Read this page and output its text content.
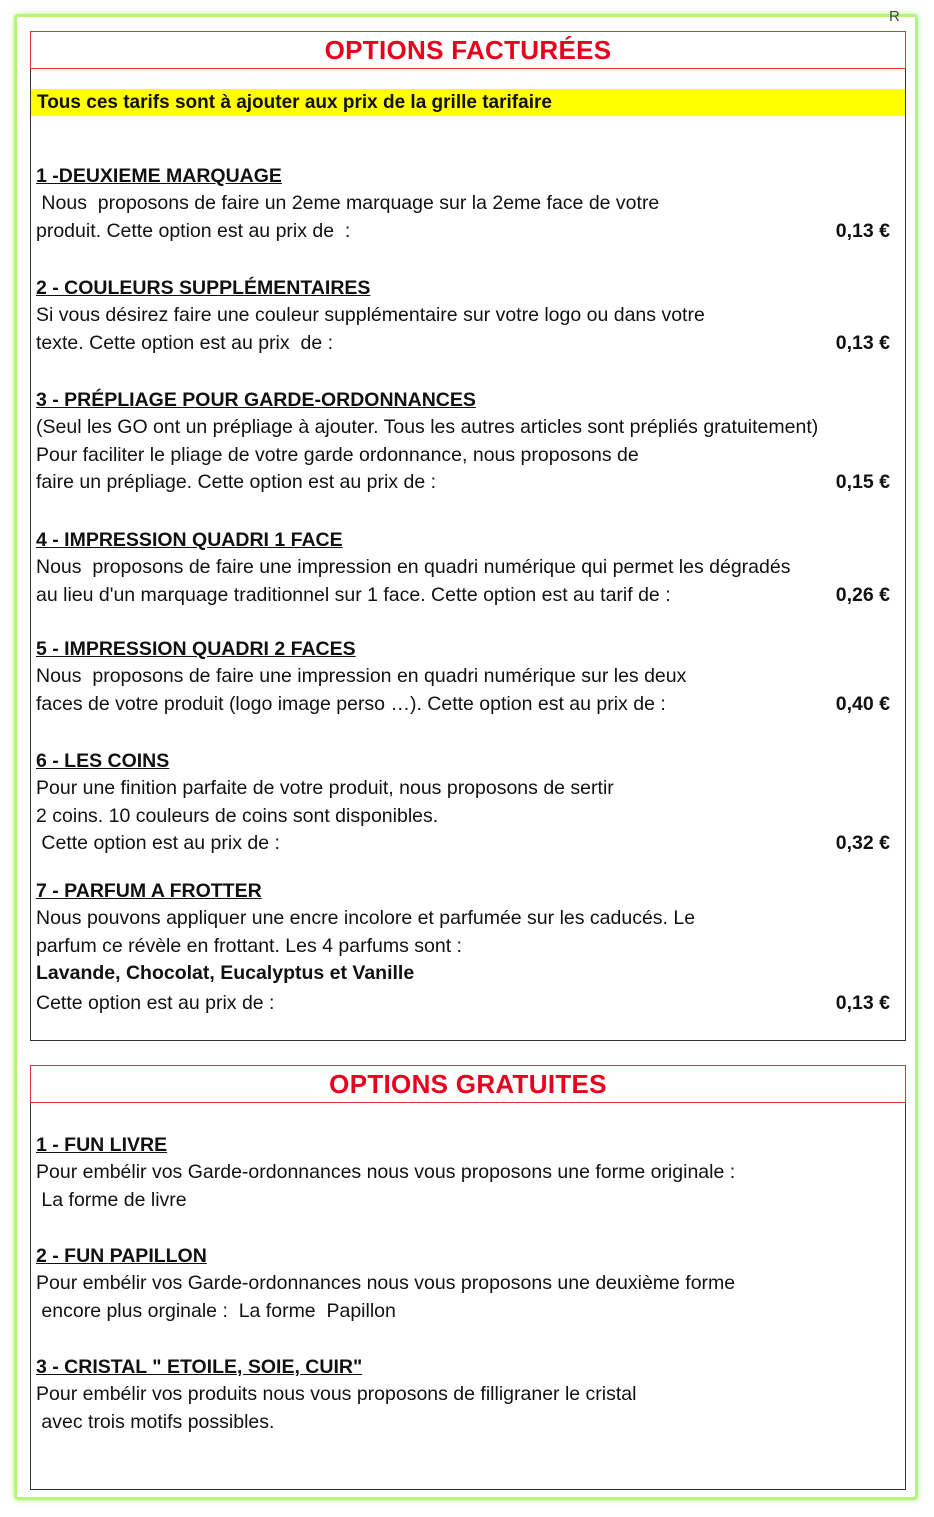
R
OPTIONS FACTURÉES
Tous ces tarifs sont à ajouter aux prix de la grille tarifaire
1 -DEUXIEME MARQUAGE
Nous  proposons de faire un 2eme marquage sur la 2eme face de votre
produit. Cette option est au prix de  :	0,13 €
2 - COULEURS SUPPLÉMENTAIRES
Si vous désirez faire une couleur supplémentaire sur votre logo ou dans votre
texte. Cette option est au prix  de :	0,13 €
3 - PRÉPLIAGE POUR GARDE-ORDONNANCES
(Seul les GO ont un prépliage à ajouter. Tous les autres articles sont prépliés gratuitement)
Pour faciliter le pliage de votre garde ordonnance, nous proposons de
faire un prépliage. Cette option est au prix de :	0,15 €
4 - IMPRESSION QUADRI 1 FACE
Nous  proposons de faire une impression en quadri numérique qui permet les dégradés
au lieu d'un marquage traditionnel sur 1 face. Cette option est au tarif de :	0,26 €
5 - IMPRESSION QUADRI 2 FACES
Nous  proposons de faire une impression en quadri numérique sur les deux
faces de votre produit (logo image perso …). Cette option est au prix de :	0,40 €
6 - LES COINS
Pour une finition parfaite de votre produit, nous proposons de sertir
2 coins. 10 couleurs de coins sont disponibles.
Cette option est au prix de :	0,32 €
7 - PARFUM A FROTTER
Nous pouvons appliquer une encre incolore et parfumée sur les caducés. Le
parfum ce révèle en frottant. Les 4 parfums sont :
Lavande, Chocolat, Eucalyptus et Vanille
Cette option est au prix de :	0,13 €
OPTIONS GRATUITES
1 - FUN LIVRE
Pour embélir vos Garde-ordonnances nous vous proposons une forme originale :
La forme de livre
2 - FUN PAPILLON
Pour embélir vos Garde-ordonnances nous vous proposons une deuxième forme
encore plus orginale :  La forme  Papillon
3 - CRISTAL " ETOILE, SOIE, CUIR"
Pour embélir vos produits nous vous proposons de filligraner le cristal
avec trois motifs possibles.
